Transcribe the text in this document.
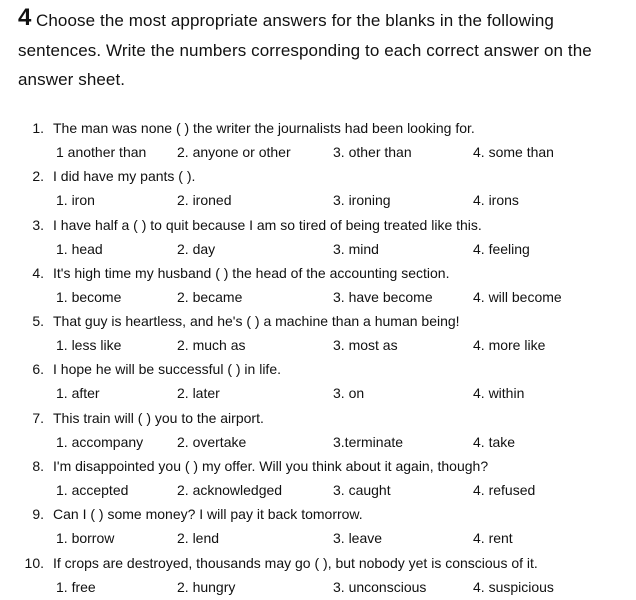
4 Choose the most appropriate answers for the blanks in the following sentences. Write the numbers corresponding to each correct answer on the answer sheet.
1. The man was none ( ) the writer the journalists had been looking for.
1 another than 2. anyone or other	3. other than	4. some than
2. I did have my pants ( ).
1. iron	2. ironed	3. ironing	4. irons
3. I have half a ( ) to quit because I am so tired of being treated like this.
1. head	2. day	3. mind	4. feeling
4. It's high time my husband ( ) the head of the accounting section.
1. become	2. became	3. have become	4. will become
5. That guy is heartless, and he's ( ) a machine than a human being!
1. less like	2. much as	3. most as	4. more like
6. I hope he will be successful ( ) in life.
1. after	2. later	3. on	4. within
7. This train will ( ) you to the airport.
1. accompany 2. overtake	3.terminate	4. take
8. I'm disappointed you ( ) my offer. Will you think about it again, though?
1. accepted	2. acknowledged	3. caught	4. refused
9. Can I ( ) some money? I will pay it back tomorrow.
1. borrow	2. lend	3. leave	4. rent
10. If crops are destroyed, thousands may go ( ), but nobody yet is conscious of it.
1. free	2. hungry	3. unconscious	4. suspicious
